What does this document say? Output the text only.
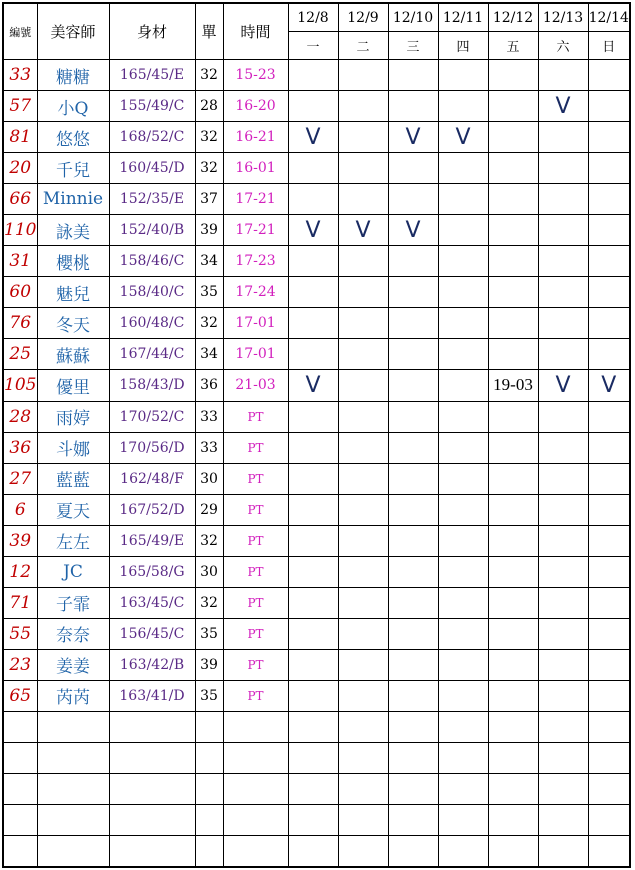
編號	美容師	身材	單	時間	12/8	12/9	12/10	12/11	12/12	12/13	12/14
					一	二	三	四	五	六	日
33	糖糖	165/45/E	32	15-23							
57	小Q	155/49/C	28	16-20						V	
81	悠悠	168/52/C	32	16-21	V		V	V			
20	千兒	160/45/D	32	16-01							
66	Minnie	152/35/E	37	17-21							
110	詠美	152/40/B	39	17-21	V	V	V				
31	櫻桃	158/46/C	34	17-23							
60	魅兒	158/40/C	35	17-24							
76	冬天	160/48/C	32	17-01							
25	蘇蘇	167/44/C	34	17-01							
105	優里	158/43/D	36	21-03	V				19-03	V	V
28	雨婷	170/52/C	33	PT							
36	斗娜	170/56/D	33	PT							
27	藍藍	162/48/F	30	PT							
6	夏天	167/52/D	29	PT							
39	左左	165/49/E	32	PT							
12	JC	165/58/G	30	PT							
71	子霏	163/45/C	32	PT							
55	奈奈	156/45/C	35	PT							
23	姜姜	163/42/B	39	PT							
65	芮芮	163/41/D	35	PT							
